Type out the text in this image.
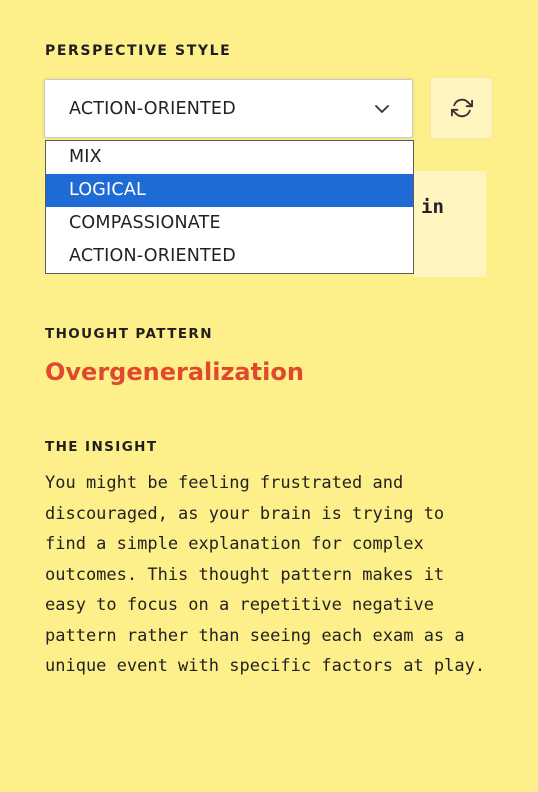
PERSPECTIVE STYLE
ACTION-ORIENTED
in
MIX
LOGICAL
COMPASSIONATE
ACTION-ORIENTED
THOUGHT PATTERN
Overgeneralization
THE INSIGHT
You might be feeling frustrated and discouraged, as your brain is trying to find a simple explanation for complex outcomes. This thought pattern makes it easy to focus on a repetitive negative pattern rather than seeing each exam as a unique event with specific factors at play.
